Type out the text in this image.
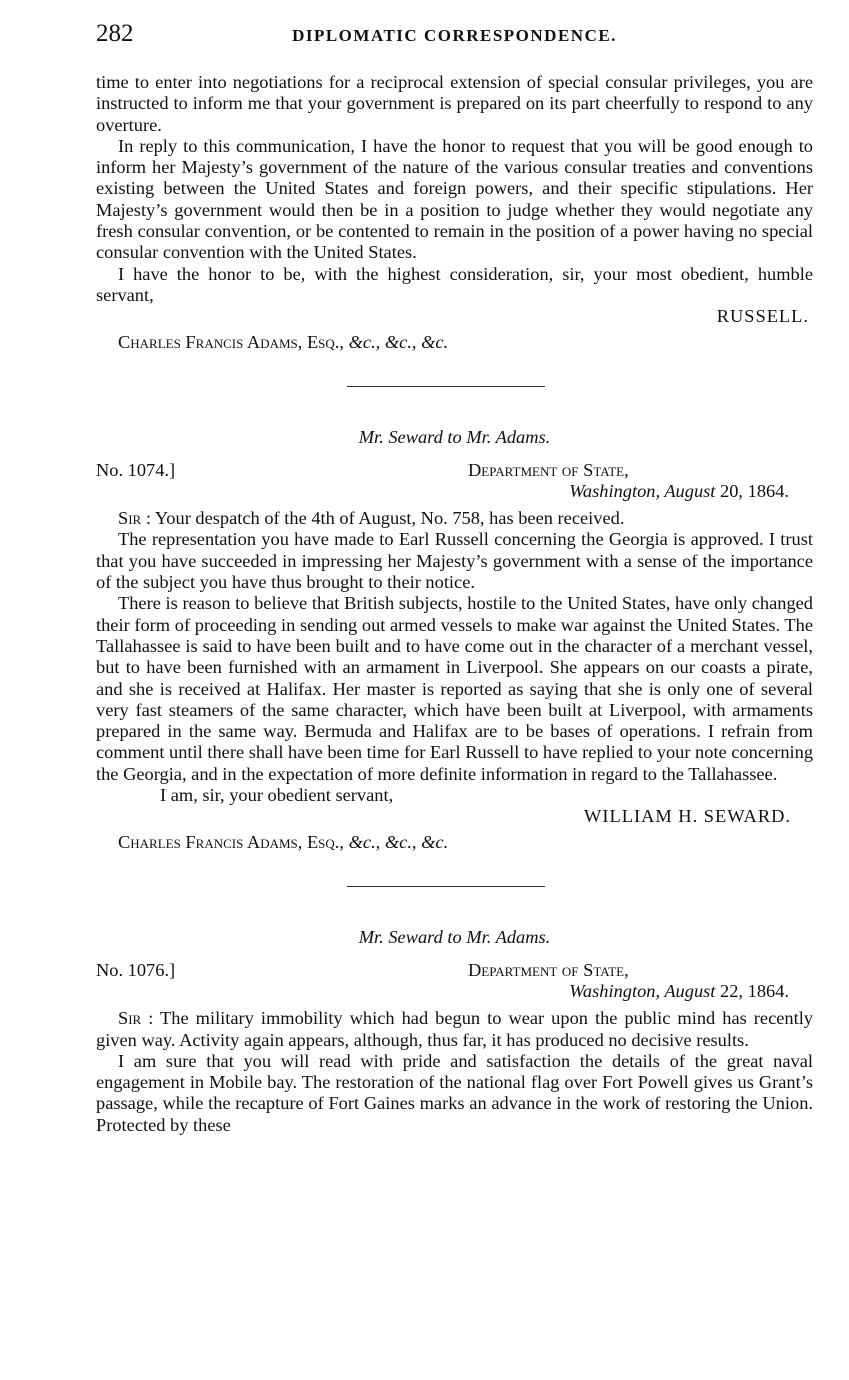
282	DIPLOMATIC CORRESPONDENCE.

time to enter into negotiations for a reciprocal extension of special consular privileges, you are instructed to inform me that your government is prepared on its part cheerfully to respond to any overture.

In reply to this communication, I have the honor to request that you will be good enough to inform her Majesty’s government of the nature of the various consular treaties and conventions existing between the United States and foreign powers, and their specific stipulations. Her Majesty’s government would then be in a position to judge whether they would negotiate any fresh consular convention, or be contented to remain in the position of a power having no special consular convention with the United States.

I have the honor to be, with the highest consideration, sir, your most obedient, humble servant,

RUSSELL.
Charles Francis Adams, Esq., &c., &c., &c.
Mr. Seward to Mr. Adams.
No. 1074.]	Department of State,
Washington, August 20, 1864.

Sir : Your despatch of the 4th of August, No. 758, has been received.

The representation you have made to Earl Russell concerning the Georgia is approved. I trust that you have succeeded in impressing her Majesty’s government with a sense of the importance of the subject you have thus brought to their notice.

There is reason to believe that British subjects, hostile to the United States, have only changed their form of proceeding in sending out armed vessels to make war against the United States. The Tallahassee is said to have been built and to have come out in the character of a merchant vessel, but to have been furnished with an armament in Liverpool. She appears on our coasts a pirate, and she is received at Halifax. Her master is reported as saying that she is only one of several very fast steamers of the same character, which have been built at Liverpool, with armaments prepared in the same way. Bermuda and Halifax are to be bases of operations. I refrain from comment until there shall have been time for Earl Russell to have replied to your note concerning the Georgia, and in the expectation of more definite information in regard to the Tallahassee.

I am, sir, your obedient servant,

WILLIAM H. SEWARD.
Charles Francis Adams, Esq., &c., &c., &c.
Mr. Seward to Mr. Adams.
No. 1076.]	Department of State,
Washington, August 22, 1864.

Sir : The military immobility which had begun to wear upon the public mind has recently given way. Activity again appears, although, thus far, it has produced no decisive results.

I am sure that you will read with pride and satisfaction the details of the great naval engagement in Mobile bay. The restoration of the national flag over Fort Powell gives us Grant’s passage, while the recapture of Fort Gaines marks an advance in the work of restoring the Union. Protected by these
